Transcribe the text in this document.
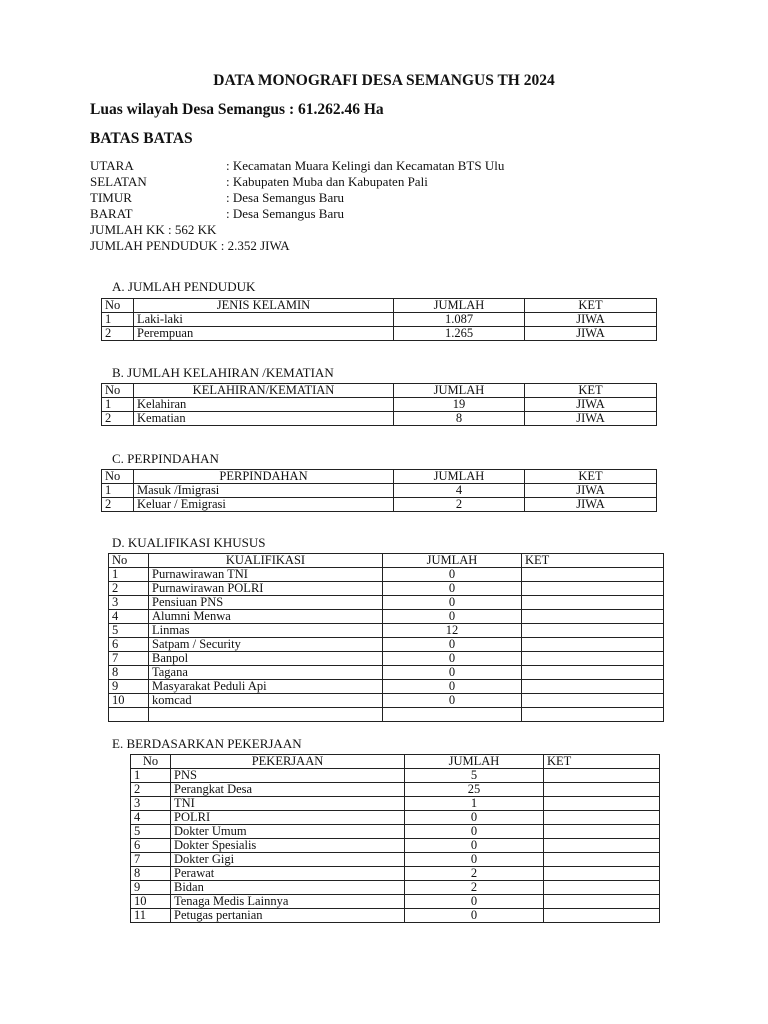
DATA MONOGRAFI DESA SEMANGUS TH 2024
Luas wilayah Desa Semangus : 61.262.46 Ha
BATAS BATAS
UTARA	: Kecamatan Muara Kelingi dan Kecamatan BTS Ulu
SELATAN	: Kabupaten Muba dan Kabupaten Pali
TIMUR	: Desa Semangus Baru
BARAT	: Desa Semangus Baru
JUMLAH KK : 562 KK
JUMLAH PENDUDUK : 2.352 JIWA
A. JUMLAH PENDUDUK
No	JENIS KELAMIN	JUMLAH	KET
1	Laki-laki	1.087	JIWA
2	Perempuan	1.265	JIWA
B. JUMLAH KELAHIRAN /KEMATIAN
No	KELAHIRAN/KEMATIAN	JUMLAH	KET
1	Kelahiran	19	JIWA
2	Kematian	8	JIWA
C. PERPINDAHAN
No	PERPINDAHAN	JUMLAH	KET
1	Masuk /Imigrasi	4	JIWA
2	Keluar / Emigrasi	2	JIWA
D. KUALIFIKASI KHUSUS
No	KUALIFIKASI	JUMLAH	KET
1	Purnawirawan TNI	0	
2	Purnawirawan POLRI	0	
3	Pensiuan PNS	0	
4	Alumni Menwa	0	
5	Linmas	12	
6	Satpam / Security	0	
7	Banpol	0	
8	Tagana	0	
9	Masyarakat Peduli Api	0	
10	komcad	0	

E. BERDASARKAN PEKERJAAN
No	PEKERJAAN	JUMLAH	KET
1	PNS	5	
2	Perangkat Desa	25	
3	TNI	1	
4	POLRI	0	
5	Dokter Umum	0	
6	Dokter Spesialis	0	
7	Dokter Gigi	0	
8	Perawat	2	
9	Bidan	2	
10	Tenaga Medis Lainnya	0	
11	Petugas pertanian	0	
